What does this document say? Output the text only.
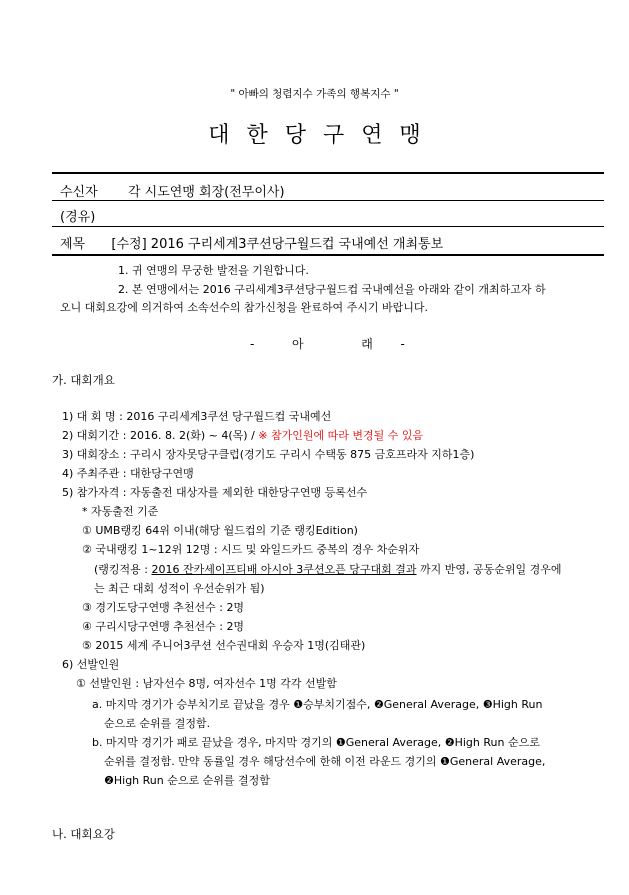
" 아빠의 청렴지수 가족의 행복지수 "
대한당구연맹
수신자 각 시도연맹 회장(전무이사)
(경유)
제목 [수정] 2016 구리세계3쿠션당구월드컵 국내예선 개최통보
1. 귀 연맹의 무궁한 발전을 기원합니다.
2. 본 연맹에서는 2016 구리세계3쿠션당구월드컵 국내예선을 아래와 같이 개최하고자 하
오니 대회요강에 의거하여 소속선수의 참가신청을 완료하여 주시기 바랍니다.
-	아	래 -
가. 대회개요
1) 대 회 명 : 2016 구리세계3쿠션 당구월드컵 국내예선
2) 대회기간 : 2016. 8. 2(화) ~ 4(목) / ※ 참가인원에 따라 변경될 수 있음
3) 대회장소 : 구리시 장자못당구클럽(경기도 구리시 수택동 875 금호프라자 지하1층)
4) 주최주관 : 대한당구연맹
5) 참가자격 : 자동출전 대상자를 제외한 대한당구연맹 등록선수
* 자동출전 기준
① UMB랭킹 64위 이내(해당 월드컵의 기준 랭킹Edition)
② 국내랭킹 1~12위 12명 : 시드 및 와일드카드 중복의 경우 차순위자
(랭킹적용 : 2016 잔카세이프티배 아시아 3쿠션오픈 당구대회 결과 까지 반영, 공동순위일 경우에
는 최근 대회 성적이 우선순위가 됨)
③ 경기도당구연맹 추천선수 : 2명
④ 구리시당구연맹 추천선수 : 2명
⑤ 2015 세계 주니어3쿠션 선수권대회 우승자 1명(김태관)
6) 선발인원
① 선발인원 : 남자선수 8명, 여자선수 1명 각각 선발함
a. 마지막 경기가 승부치기로 끝났을 경우 ❶승부치기점수, ❷General Average, ❸High Run
순으로 순위를 결정함.
b. 마지막 경기가 패로 끝났을 경우, 마지막 경기의 ❶General Average, ❷High Run 순으로
순위를 결정함. 만약 동률일 경우 해당선수에 한해 이전 라운드 경기의 ❶General Average,
❷High Run 순으로 순위를 결정함
나. 대회요강
